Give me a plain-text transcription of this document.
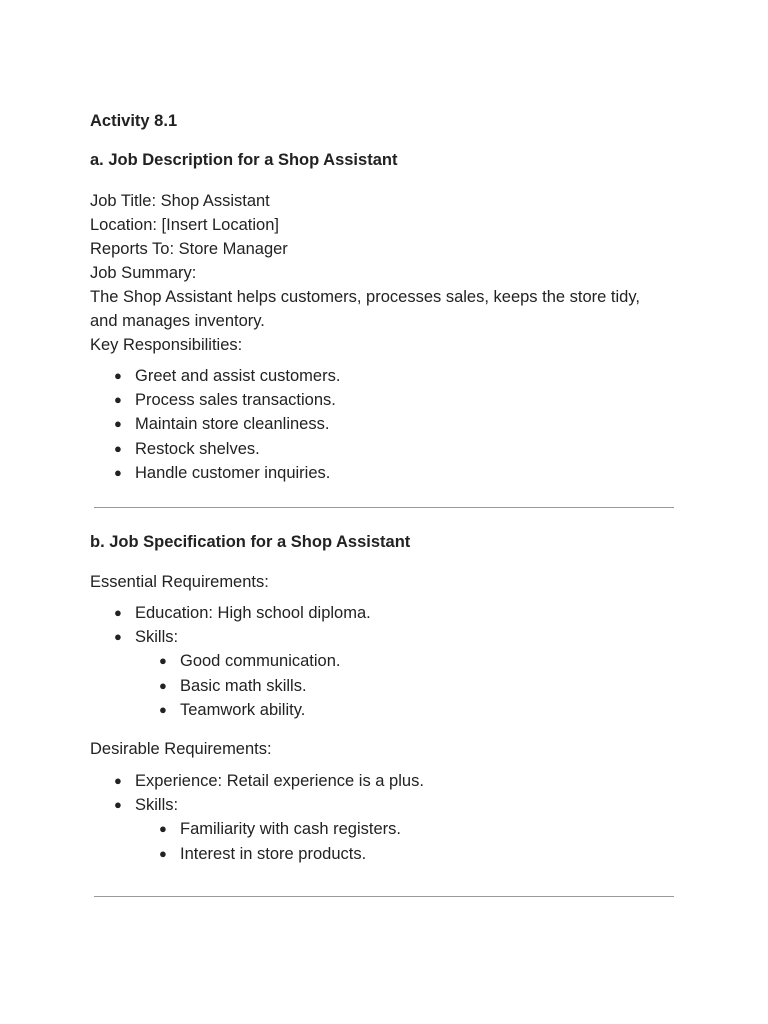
Activity 8.1
a. Job Description for a Shop Assistant
Job Title: Shop Assistant
Location: [Insert Location]
Reports To: Store Manager
Job Summary:
The Shop Assistant helps customers, processes sales, keeps the store tidy,
and manages inventory.
Key Responsibilities:
● Greet and assist customers.
● Process sales transactions.
● Maintain store cleanliness.
● Restock shelves.
● Handle customer inquiries.
b. Job Specification for a Shop Assistant
Essential Requirements:
● Education: High school diploma.
● Skills:
● Good communication.
● Basic math skills.
● Teamwork ability.
Desirable Requirements:
● Experience: Retail experience is a plus.
● Skills:
● Familiarity with cash registers.
● Interest in store products.
